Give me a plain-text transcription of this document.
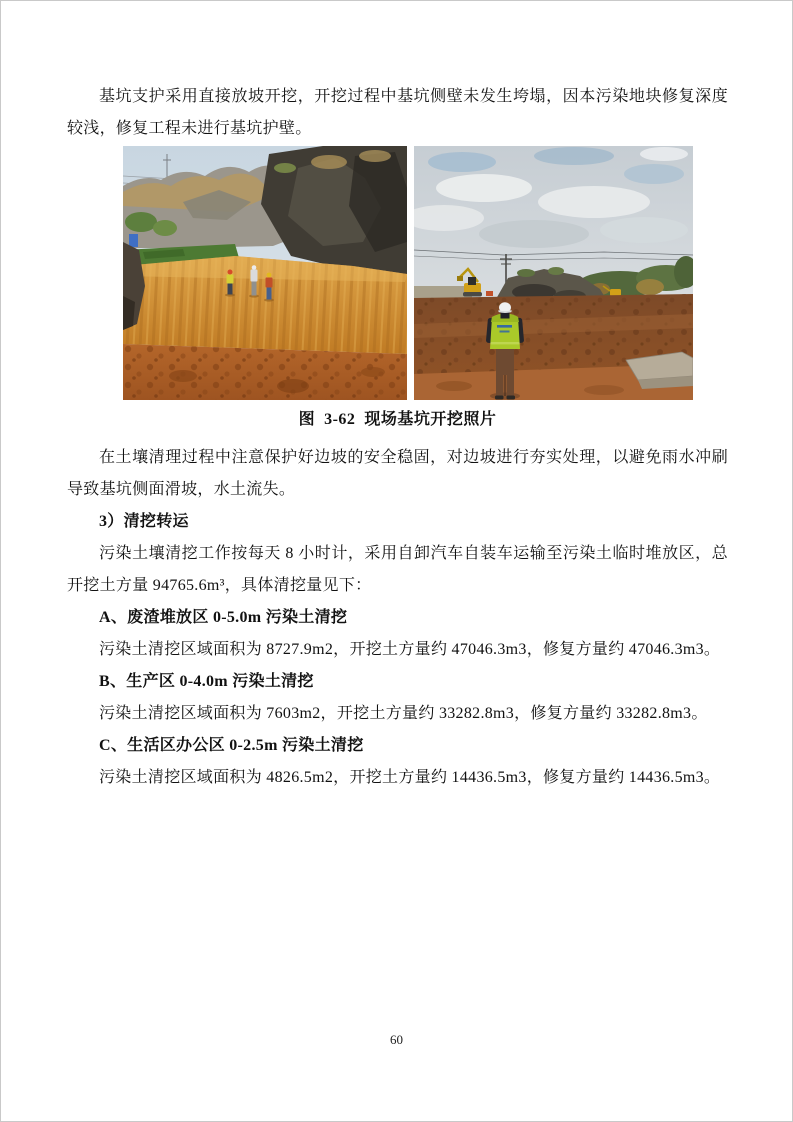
基坑支护采用直接放坡开挖，开挖过程中基坑侧壁未发生垮塌，因本污染地块修复深度较浅，修复工程未进行基坑护壁。

图  3-62  现场基坑开挖照片

在土壤清理过程中注意保护好边坡的安全稳固，对边坡进行夯实处理，以避免雨水冲刷导致基坑侧面滑坡，水土流失。

3）清挖转运

污染土壤清挖工作按每天 8 小时计，采用自卸汽车自装车运输至污染土临时堆放区，总开挖土方量 94765.6m³，具体清挖量见下：

A、废渣堆放区 0-5.0m 污染土清挖

污染土清挖区域面积为 8727.9m2，开挖土方量约 47046.3m3，修复方量约 47046.3m3。

B、生产区 0-4.0m 污染土清挖

污染土清挖区域面积为 7603m2，开挖土方量约 33282.8m3，修复方量约 33282.8m3。

C、生活区办公区 0-2.5m 污染土清挖

污染土清挖区域面积为 4826.5m2，开挖土方量约 14436.5m3，修复方量约 14436.5m3。

60
